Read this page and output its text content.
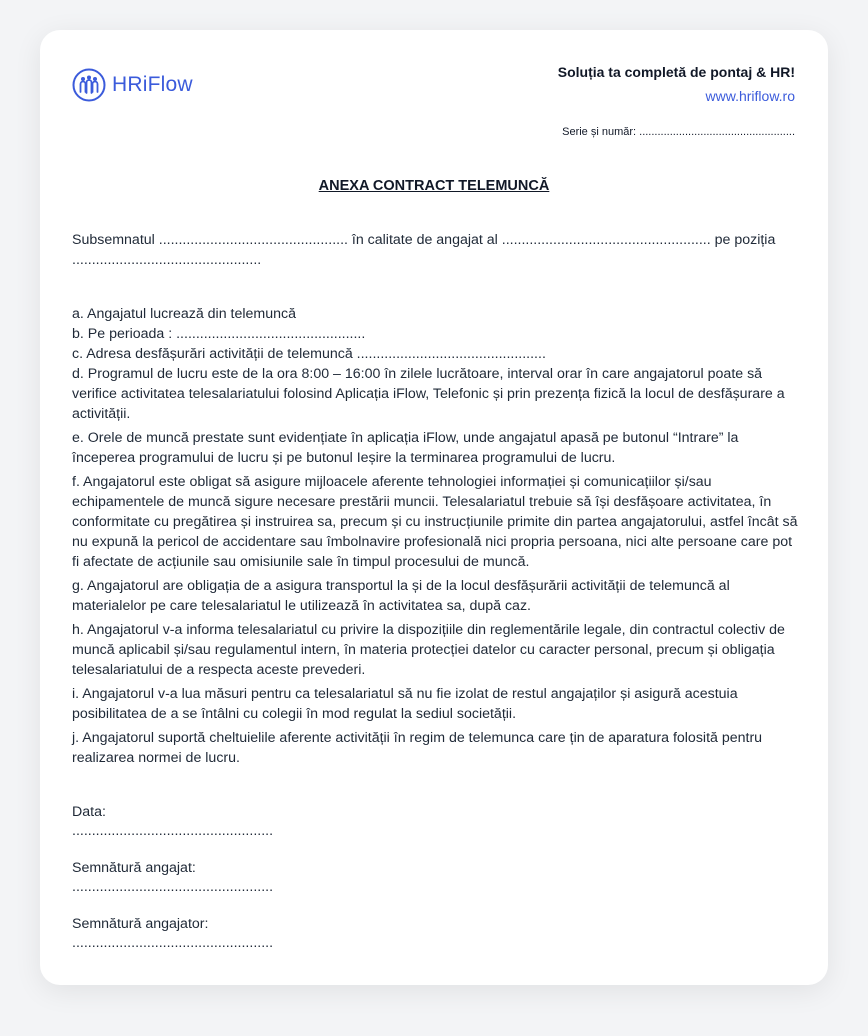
HRiFlow
Soluția ta completă de pontaj & HR!
www.hriflow.ro
Serie și număr: ...................................................
ANEXA CONTRACT TELEMUNCĂ
Subsemnatul ................................................ în calitate de angajat al ..................................................... pe poziția
................................................

a. Angajatul lucrează din telemuncă

b. Pe perioada : ................................................

c. Adresa desfășurări activității de telemuncă ................................................

d. Programul de lucru este de la ora 8:00 – 16:00 în zilele lucrătoare, interval orar în care angajatorul poate să verifice activitatea telesalariatului folosind Aplicația iFlow, Telefonic și prin prezența fizică la locul de desfășurare a activității.

e. Orele de muncă prestate sunt evidențiate în aplicația iFlow, unde angajatul apasă pe butonul “Intrare” la începerea programului de lucru și pe butonul Ieșire la terminarea programului de lucru.

f. Angajatorul este obligat să asigure mijloacele aferente tehnologiei informației și comunicațiilor și/sau echipamentele de muncă sigure necesare prestării muncii. Telesalariatul trebuie să își desfășoare activitatea, în conformitate cu pregătirea și instruirea sa, precum și cu instrucțiunile primite din partea angajatorului, astfel încât să nu expună la pericol de accidentare sau îmbolnavire profesională nici propria persoana, nici alte persoane care pot fi afectate de acțiunile sau omisiunile sale în timpul procesului de muncă.

g. Angajatorul are obligația de a asigura transportul la și de la locul desfășurării activității de telemuncă al materialelor pe care telesalariatul le utilizează în activitatea sa, după caz.

h. Angajatorul v-a informa telesalariatul cu privire la dispozițiile din reglementările legale, din contractul colectiv de muncă aplicabil și/sau regulamentul intern, în materia protecției datelor cu caracter personal, precum și obligația telesalariatului de a respecta aceste prevederi.

i. Angajatorul v-a lua măsuri pentru ca telesalariatul să nu fie izolat de restul angajaților și asigură acestuia posibilitatea de a se întâlni cu colegii în mod regulat la sediul societății.

j. Angajatorul suportă cheltuielile aferente activității în regim de telemunca care țin de aparatura folosită pentru realizarea normei de lucru.

Data:
...................................................
Semnătură angajat:
...................................................
Semnătură angajator:
...................................................
